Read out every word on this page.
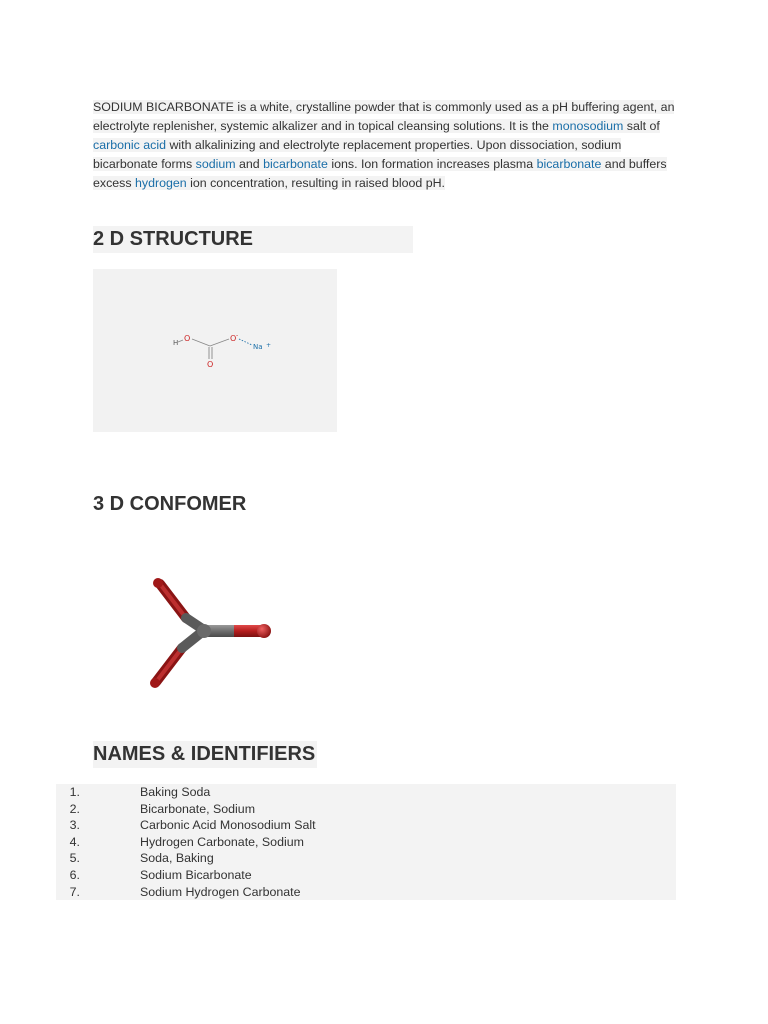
SODIUM BICARBONATE is a white, crystalline powder that is commonly used as a pH buffering agent, an electrolyte replenisher, systemic alkalizer and in topical cleansing solutions. It is the monosodium salt of carbonic acid with alkalinizing and electrolyte replacement properties. Upon dissociation, sodium bicarbonate forms sodium and bicarbonate ions. Ion formation increases plasma bicarbonate and buffers excess hydrogen ion concentration, resulting in raised blood pH.

2 D STRUCTURE
H O	O -
O
Na +
3 D CONFOMER
NAMES & IDENTIFIERS
1.	Baking Soda
2.	Bicarbonate, Sodium
3.	Carbonic Acid Monosodium Salt
4.	Hydrogen Carbonate, Sodium
5.	Soda, Baking
6.	Sodium Bicarbonate
7.	Sodium Hydrogen Carbonate
